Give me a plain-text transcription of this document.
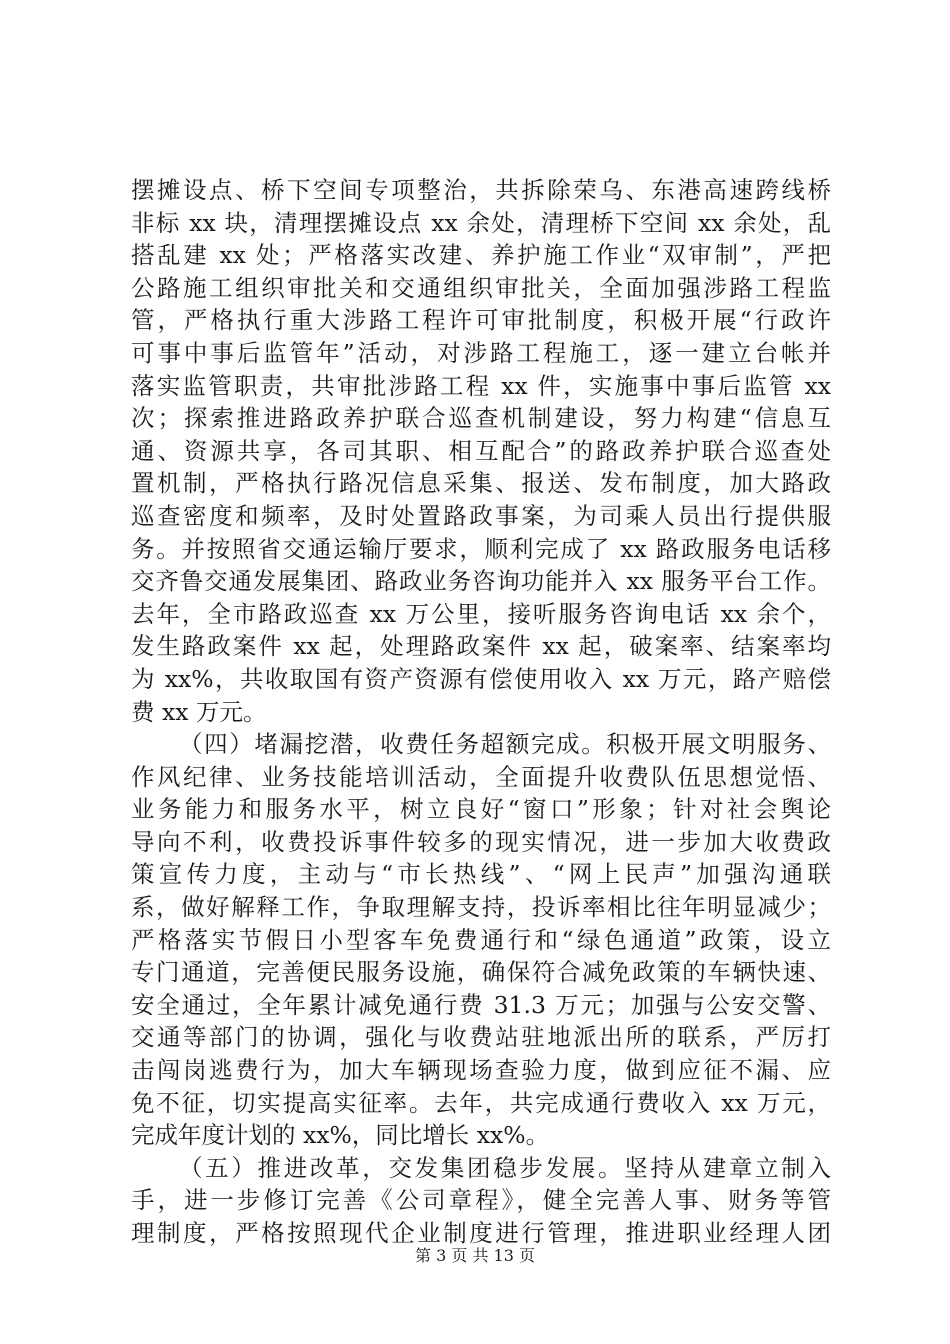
摆摊设点、桥下空间专项整治，共拆除荣乌、东港高速跨线桥
非标 xx 块，清理摆摊设点 xx 余处，清理桥下空间 xx 余处，乱
搭乱建 xx 处；严格落实改建、养护施工作业“双审制”，严把
公路施工组织审批关和交通组织审批关，全面加强涉路工程监
管，严格执行重大涉路工程许可审批制度，积极开展“行政许
可事中事后监管年”活动，对涉路工程施工，逐一建立台帐并
落实监管职责，共审批涉路工程 xx 件，实施事中事后监管 xx
次；探索推进路政养护联合巡查机制建设，努力构建“信息互
通、资源共享，各司其职、相互配合”的路政养护联合巡查处
置机制，严格执行路况信息采集、报送、发布制度，加大路政
巡查密度和频率，及时处置路政事案，为司乘人员出行提供服
务。并按照省交通运输厅要求，顺利完成了 xx 路政服务电话移
交齐鲁交通发展集团、路政业务咨询功能并入 xx 服务平台工作。
去年，全市路政巡查 xx 万公里，接听服务咨询电话 xx 余个，
发生路政案件 xx 起，处理路政案件 xx 起，破案率、结案率均
为 xx%，共收取国有资产资源有偿使用收入 xx 万元，路产赔偿
费 xx 万元。
（四）堵漏挖潜，收费任务超额完成。积极开展文明服务、
作风纪律、业务技能培训活动，全面提升收费队伍思想觉悟、
业务能力和服务水平，树立良好“窗口”形象；针对社会舆论
导向不利，收费投诉事件较多的现实情况，进一步加大收费政
策宣传力度，主动与“市长热线”、“网上民声”加强沟通联
系，做好解释工作，争取理解支持，投诉率相比往年明显减少；
严格落实节假日小型客车免费通行和“绿色通道”政策，设立
专门通道，完善便民服务设施，确保符合减免政策的车辆快速、
安全通过，全年累计减免通行费 31.3 万元；加强与公安交警、
交通等部门的协调，强化与收费站驻地派出所的联系，严厉打
击闯岗逃费行为，加大车辆现场查验力度，做到应征不漏、应
免不征，切实提高实征率。去年，共完成通行费收入 xx 万元，
完成年度计划的 xx%，同比增长 xx%。
（五）推进改革，交发集团稳步发展。坚持从建章立制入
手，进一步修订完善《公司章程》，健全完善人事、财务等管
理制度，严格按照现代企业制度进行管理，推进职业经理人团
第 3 页 共 13 页
